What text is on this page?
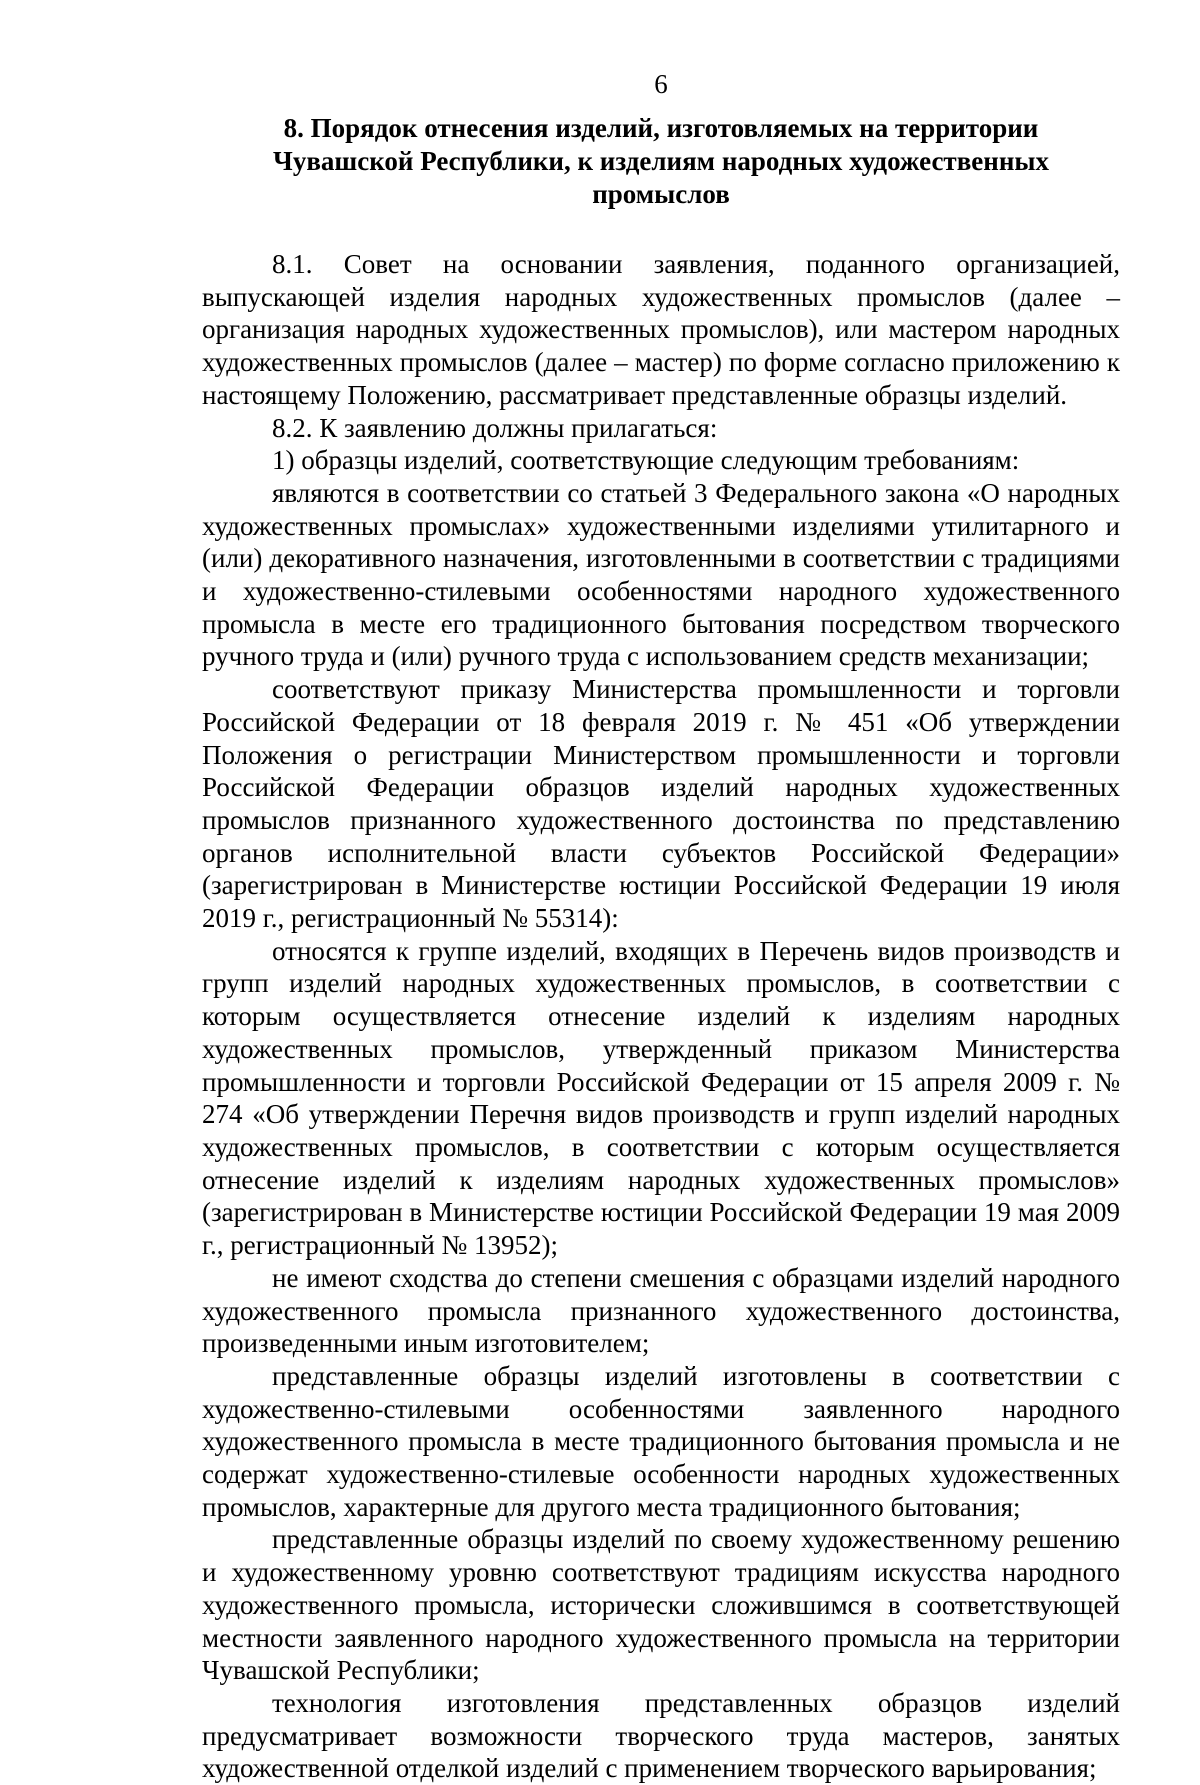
6
8. Порядок отнесения изделий, изготовляемых на территории
Чувашской Республики, к изделиям народных художественных промыслов

8.1. Совет на основании заявления, поданного организацией, выпускающей изделия народных художественных промыслов (далее – организация народных художественных промыслов), или мастером народных художественных промыслов (далее – мастер) по форме согласно приложению к настоящему Положению, рассматривает представленные образцы изделий.

8.2. К заявлению должны прилагаться:

1) образцы изделий, соответствующие следующим требованиям:

являются в соответствии со статьей 3 Федерального закона «О народных художественных промыслах» художественными изделиями утилитарного и (или) декоративного назначения, изготовленными в соответствии с традициями и художественно-стилевыми особенностями народного художественного промысла в месте его традиционного бытования посредством творческого ручного труда и (или) ручного труда с использованием средств механизации;

соответствуют приказу Министерства промышленности и торговли Российской Федерации от 18 февраля 2019 г. № 451 «Об утверждении Положения о регистрации Министерством промышленности и торговли Российской Федерации образцов изделий народных художественных промыслов признанного художественного достоинства по представлению органов исполнительной власти субъектов Российской Федерации» (зарегистрирован в Министерстве юстиции Российской Федерации 19 июля 2019 г., регистрационный № 55314):

относятся к группе изделий, входящих в Перечень видов производств и групп изделий народных художественных промыслов, в соответствии с которым осуществляется отнесение изделий к изделиям народных художественных промыслов, утвержденный приказом Министерства промышленности и торговли Российской Федерации от 15 апреля 2009 г. № 274 «Об утверждении Перечня видов производств и групп изделий народных художественных промыслов, в соответствии с которым осуществляется отнесение изделий к изделиям народных художественных промыслов» (зарегистрирован в Министерстве юстиции Российской Федерации 19 мая 2009 г., регистрационный № 13952);

не имеют сходства до степени смешения с образцами изделий народного художественного промысла признанного художественного достоинства, произведенными иным изготовителем;

представленные образцы изделий изготовлены в соответствии с художественно-стилевыми особенностями заявленного народного художественного промысла в месте традиционного бытования промысла и не содержат художественно-стилевые особенности народных художественных промыслов, характерные для другого места традиционного бытования;

представленные образцы изделий по своему художественному решению и художественному уровню соответствуют традициям искусства народного художественного промысла, исторически сложившимся в соответствующей местности заявленного народного художественного промысла на территории Чувашской Республики;

технология изготовления представленных образцов изделий предусматривает возможности творческого труда мастеров, занятых художественной отделкой изделий с применением творческого варьирования;
